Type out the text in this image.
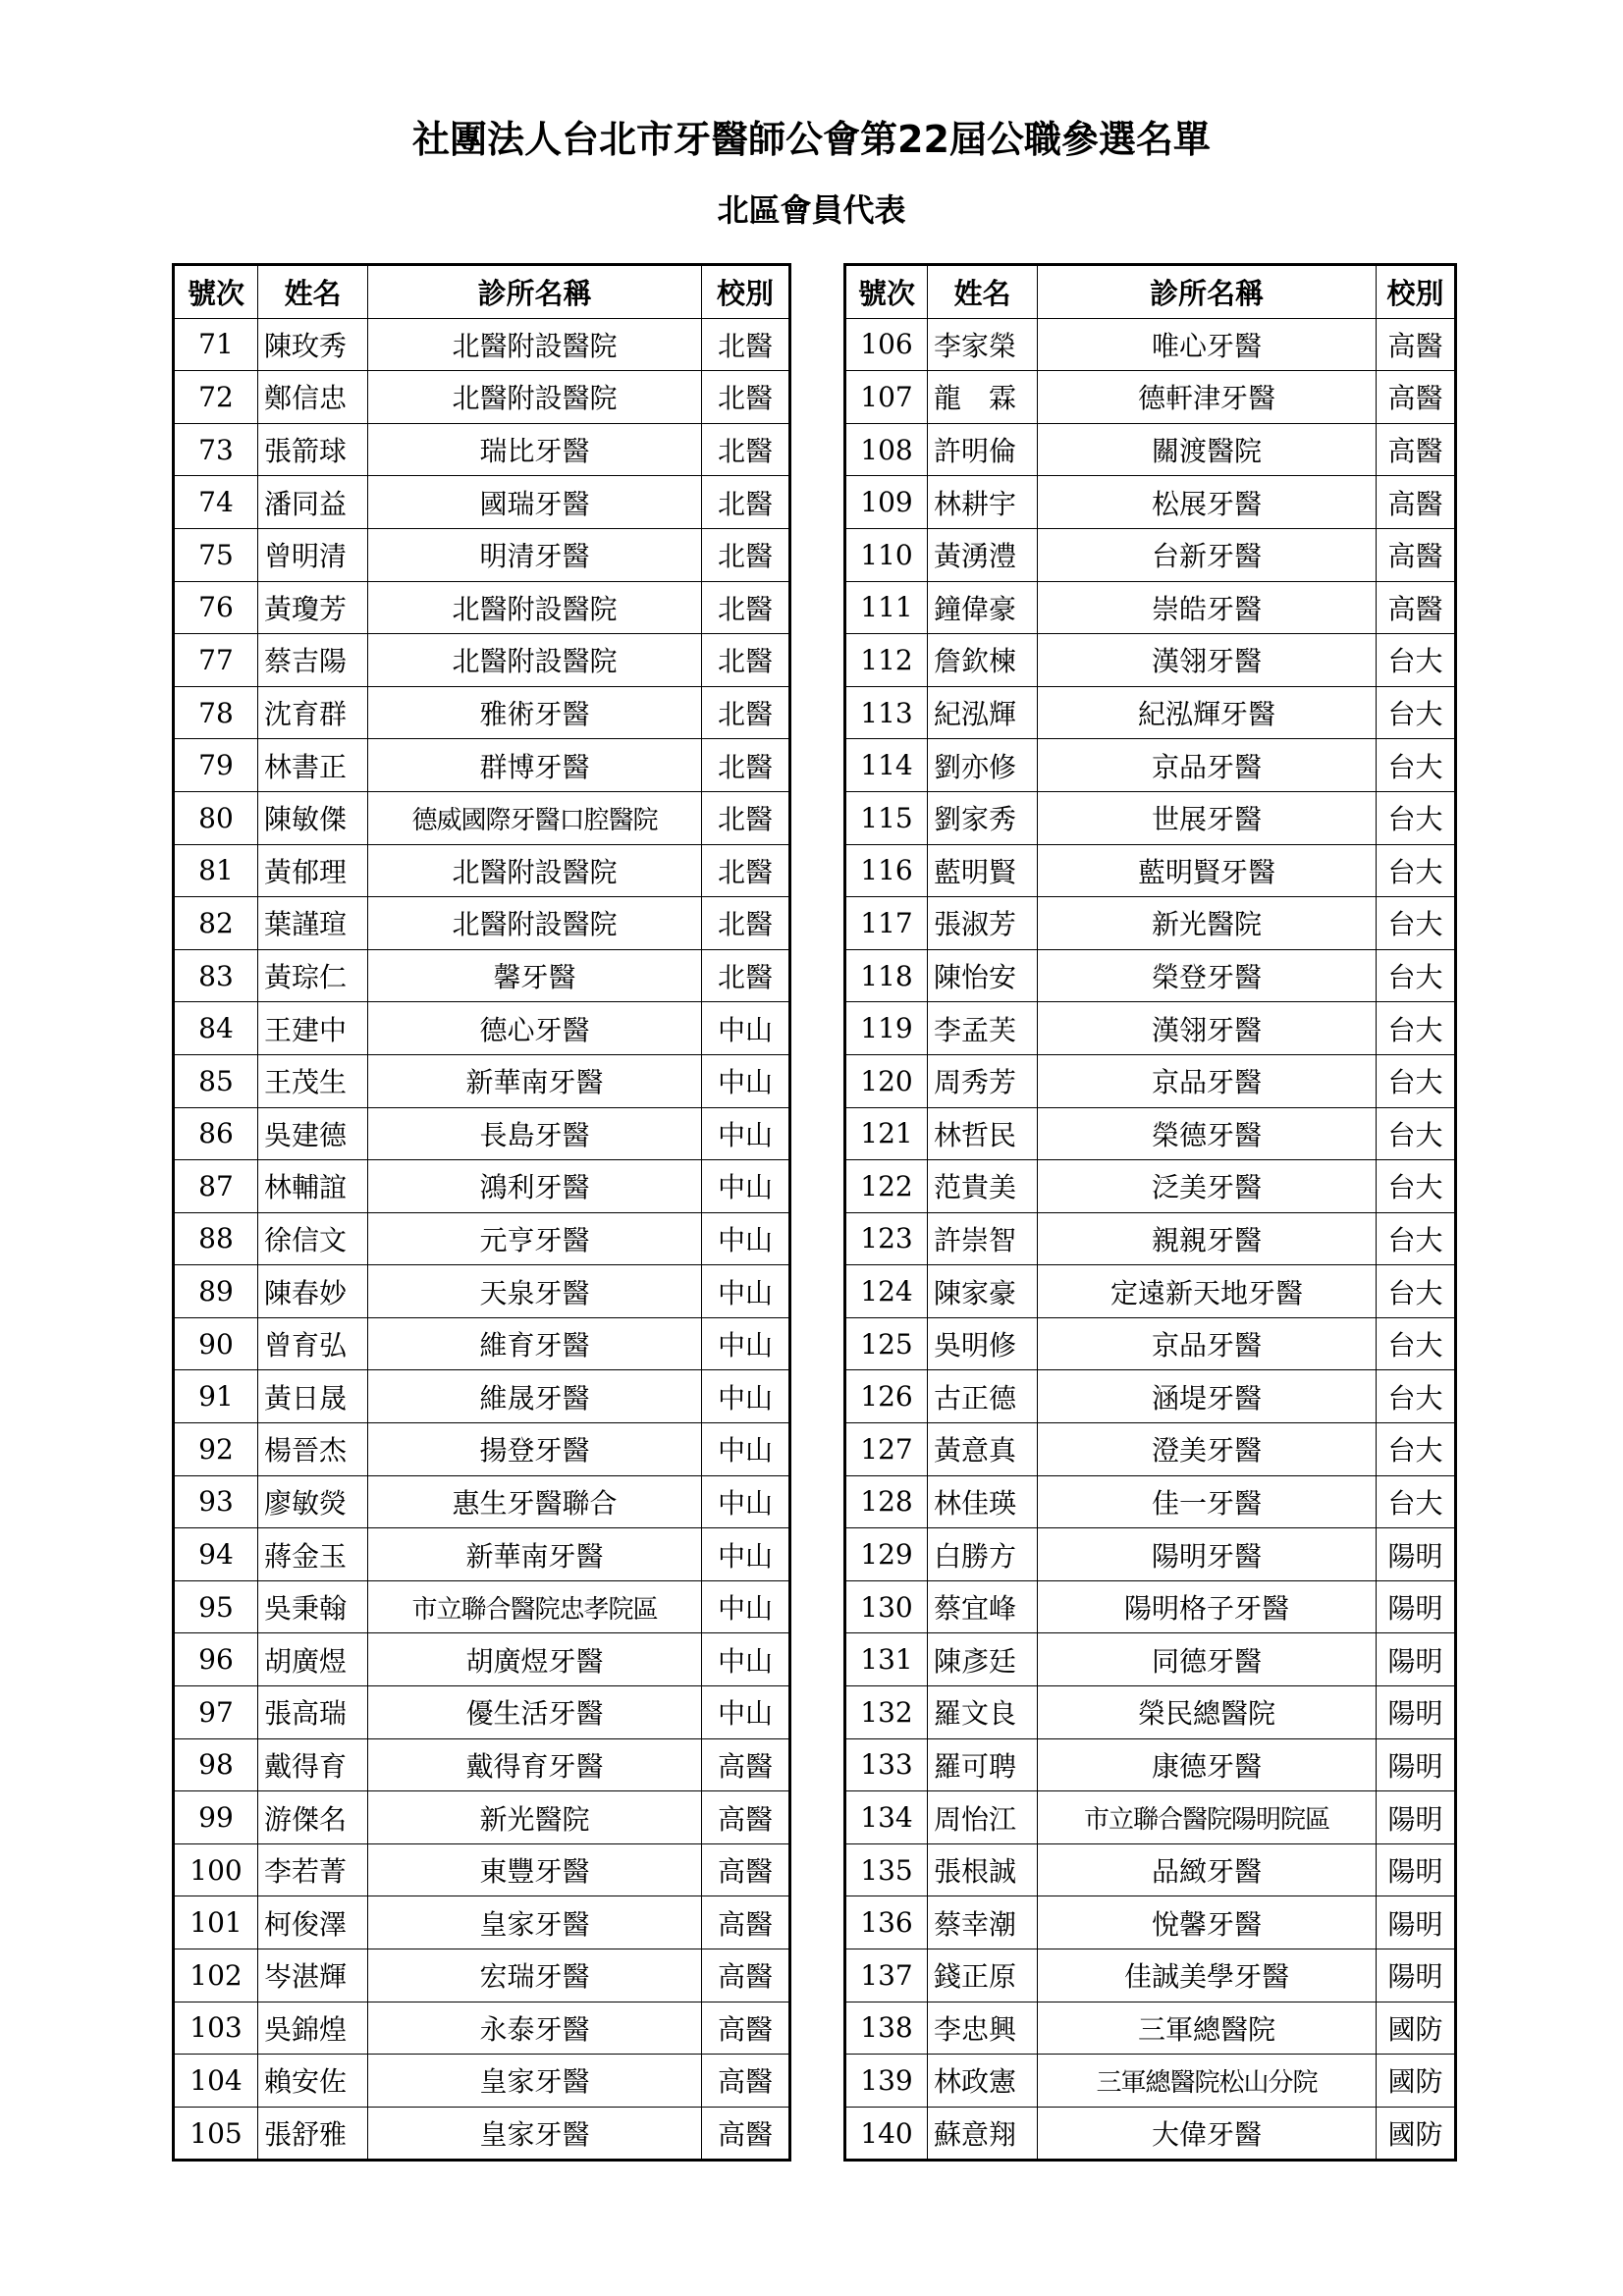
社團法人台北市牙醫師公會第22屆公職參選名單
北區會員代表
號次	姓名	診所名稱	校別
71	陳玫秀	北醫附設醫院	北醫
72	鄭信忠	北醫附設醫院	北醫
73	張箭球	瑞比牙醫	北醫
74	潘同益	國瑞牙醫	北醫
75	曾明清	明清牙醫	北醫
76	黃瓊芳	北醫附設醫院	北醫
77	蔡吉陽	北醫附設醫院	北醫
78	沈育群	雅術牙醫	北醫
79	林書正	群博牙醫	北醫
80	陳敏傑	德威國際牙醫口腔醫院	北醫
81	黃郁理	北醫附設醫院	北醫
82	葉謹瑄	北醫附設醫院	北醫
83	黃琮仁	馨牙醫	北醫
84	王建中	德心牙醫	中山
85	王茂生	新華南牙醫	中山
86	吳建德	長島牙醫	中山
87	林輔誼	鴻利牙醫	中山
88	徐信文	元亨牙醫	中山
89	陳春妙	天泉牙醫	中山
90	曾育弘	維育牙醫	中山
91	黃日晟	維晟牙醫	中山
92	楊晉杰	揚登牙醫	中山
93	廖敏熒	惠生牙醫聯合	中山
94	蔣金玉	新華南牙醫	中山
95	吳秉翰	市立聯合醫院忠孝院區	中山
96	胡廣煜	胡廣煜牙醫	中山
97	張高瑞	優生活牙醫	中山
98	戴得育	戴得育牙醫	高醫
99	游傑名	新光醫院	高醫
100	李若菁	東豐牙醫	高醫
101	柯俊澤	皇家牙醫	高醫
102	岑湛輝	宏瑞牙醫	高醫
103	吳錦煌	永泰牙醫	高醫
104	賴安佐	皇家牙醫	高醫
105	張舒雅	皇家牙醫	高醫
號次	姓名	診所名稱	校別
106	李家榮	唯心牙醫	高醫
107	龍　霖	德軒津牙醫	高醫
108	許明倫	關渡醫院	高醫
109	林耕宇	松展牙醫	高醫
110	黃湧澧	台新牙醫	高醫
111	鐘偉豪	崇皓牙醫	高醫
112	詹欽楝	漢翎牙醫	台大
113	紀泓輝	紀泓輝牙醫	台大
114	劉亦修	京品牙醫	台大
115	劉家秀	世展牙醫	台大
116	藍明賢	藍明賢牙醫	台大
117	張淑芳	新光醫院	台大
118	陳怡安	榮登牙醫	台大
119	李孟芙	漢翎牙醫	台大
120	周秀芳	京品牙醫	台大
121	林哲民	榮德牙醫	台大
122	范貴美	泛美牙醫	台大
123	許崇智	親親牙醫	台大
124	陳家豪	定遠新天地牙醫	台大
125	吳明修	京品牙醫	台大
126	古正德	涵堤牙醫	台大
127	黃意真	澄美牙醫	台大
128	林佳瑛	佳一牙醫	台大
129	白勝方	陽明牙醫	陽明
130	蔡宜峰	陽明格子牙醫	陽明
131	陳彥廷	同德牙醫	陽明
132	羅文良	榮民總醫院	陽明
133	羅可聘	康德牙醫	陽明
134	周怡江	市立聯合醫院陽明院區	陽明
135	張根誠	品緻牙醫	陽明
136	蔡幸潮	悅馨牙醫	陽明
137	錢正原	佳誠美學牙醫	陽明
138	李忠興	三軍總醫院	國防
139	林政憲	三軍總醫院松山分院	國防
140	蘇意翔	大偉牙醫	國防
